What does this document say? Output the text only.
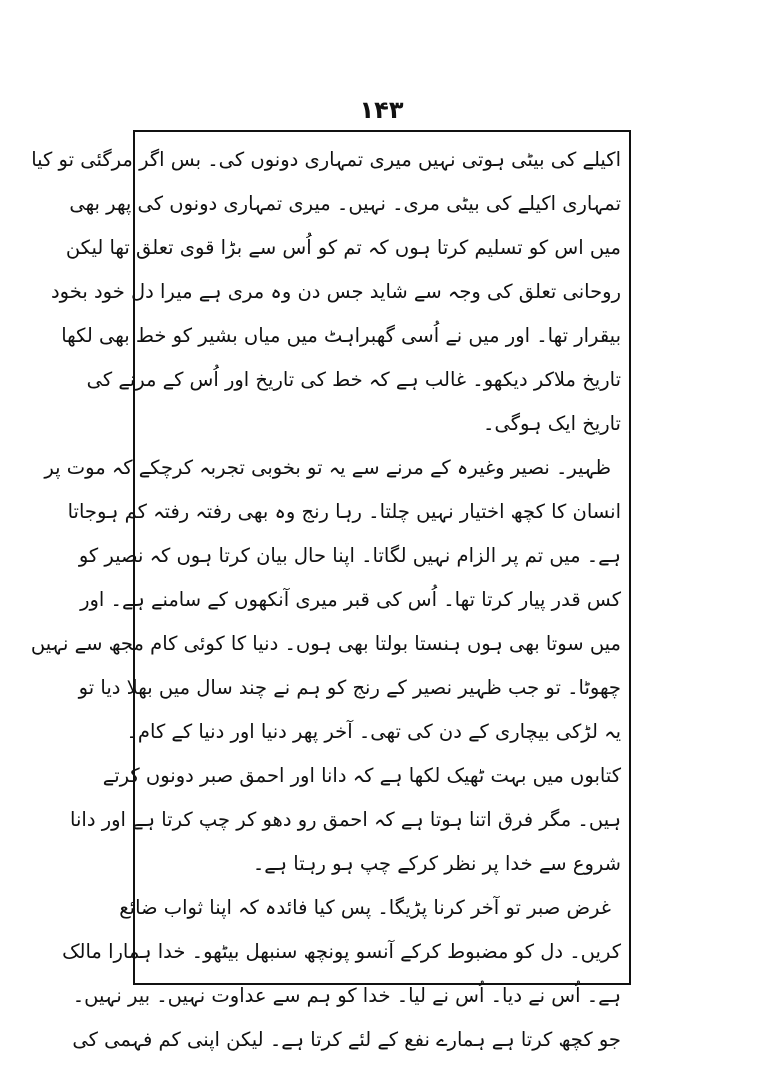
۱۴۳
اکیلے کی بیٹی ہوتی نہیں میری تمہاری دونوں کی۔ بس اگر مرگئی تو کیا
تمہاری اکیلے کی بیٹی مری۔ نہیں۔ میری تمہاری دونوں کی پھر بھی
میں اس کو تسلیم کرتا ہوں کہ تم کو اُس سے بڑا قوی تعلق تھا لیکن
روحانی تعلق کی وجہ سے شاید جس دن وہ مری ہے میرا دل خود بخود
بیقرار تھا۔ اور میں نے اُسی گھبراہٹ میں میاں بشیر کو خط بھی لکھا
تاریخ ملاکر دیکھو۔ غالب ہے کہ خط کی تاریخ اور اُس کے مرنے کی
تاریخ ایک ہوگی۔
ظہیر۔ نصیر وغیرہ کے مرنے سے یہ تو بخوبی تجربہ کرچکے کہ موت پر
انسان کا کچھ اختیار نہیں چلتا۔ رہا رنج وہ بھی رفتہ رفتہ کم ہوجاتا
ہے۔ میں تم پر الزام نہیں لگاتا۔ اپنا حال بیان کرتا ہوں کہ نصیر کو
کس قدر پیار کرتا تھا۔ اُس کی قبر میری آنکھوں کے سامنے ہے۔ اور
میں سوتا بھی ہوں ہنستا بولتا بھی ہوں۔ دنیا کا کوئی کام مجھ سے نہیں
چھوٹا۔ تو جب ظہیر نصیر کے رنج کو ہم نے چند سال میں بھلا دیا تو
یہ لڑکی بیچاری کے دن کی تھی۔ آخر پھر دنیا اور دنیا کے کام۔
کتابوں میں بہت ٹھیک لکھا ہے کہ دانا اور احمق صبر دونوں کرتے
ہیں۔ مگر فرق اتنا ہوتا ہے کہ احمق رو دھو کر چپ کرتا ہے اور دانا
شروع سے خدا پر نظر کرکے چپ ہو رہتا ہے۔
غرض صبر تو آخر کرنا پڑیگا۔ پس کیا فائدہ کہ اپنا ثواب ضائع
کریں۔ دل کو مضبوط کرکے آنسو پونچھ سنبھل بیٹھو۔ خدا ہمارا مالک
ہے۔ اُس نے دیا۔ اُس نے لیا۔ خدا کو ہم سے عداوت نہیں۔ بیر نہیں۔
جو کچھ کرتا ہے ہمارے نفع کے لئے کرتا ہے۔ لیکن اپنی کم فہمی کی
